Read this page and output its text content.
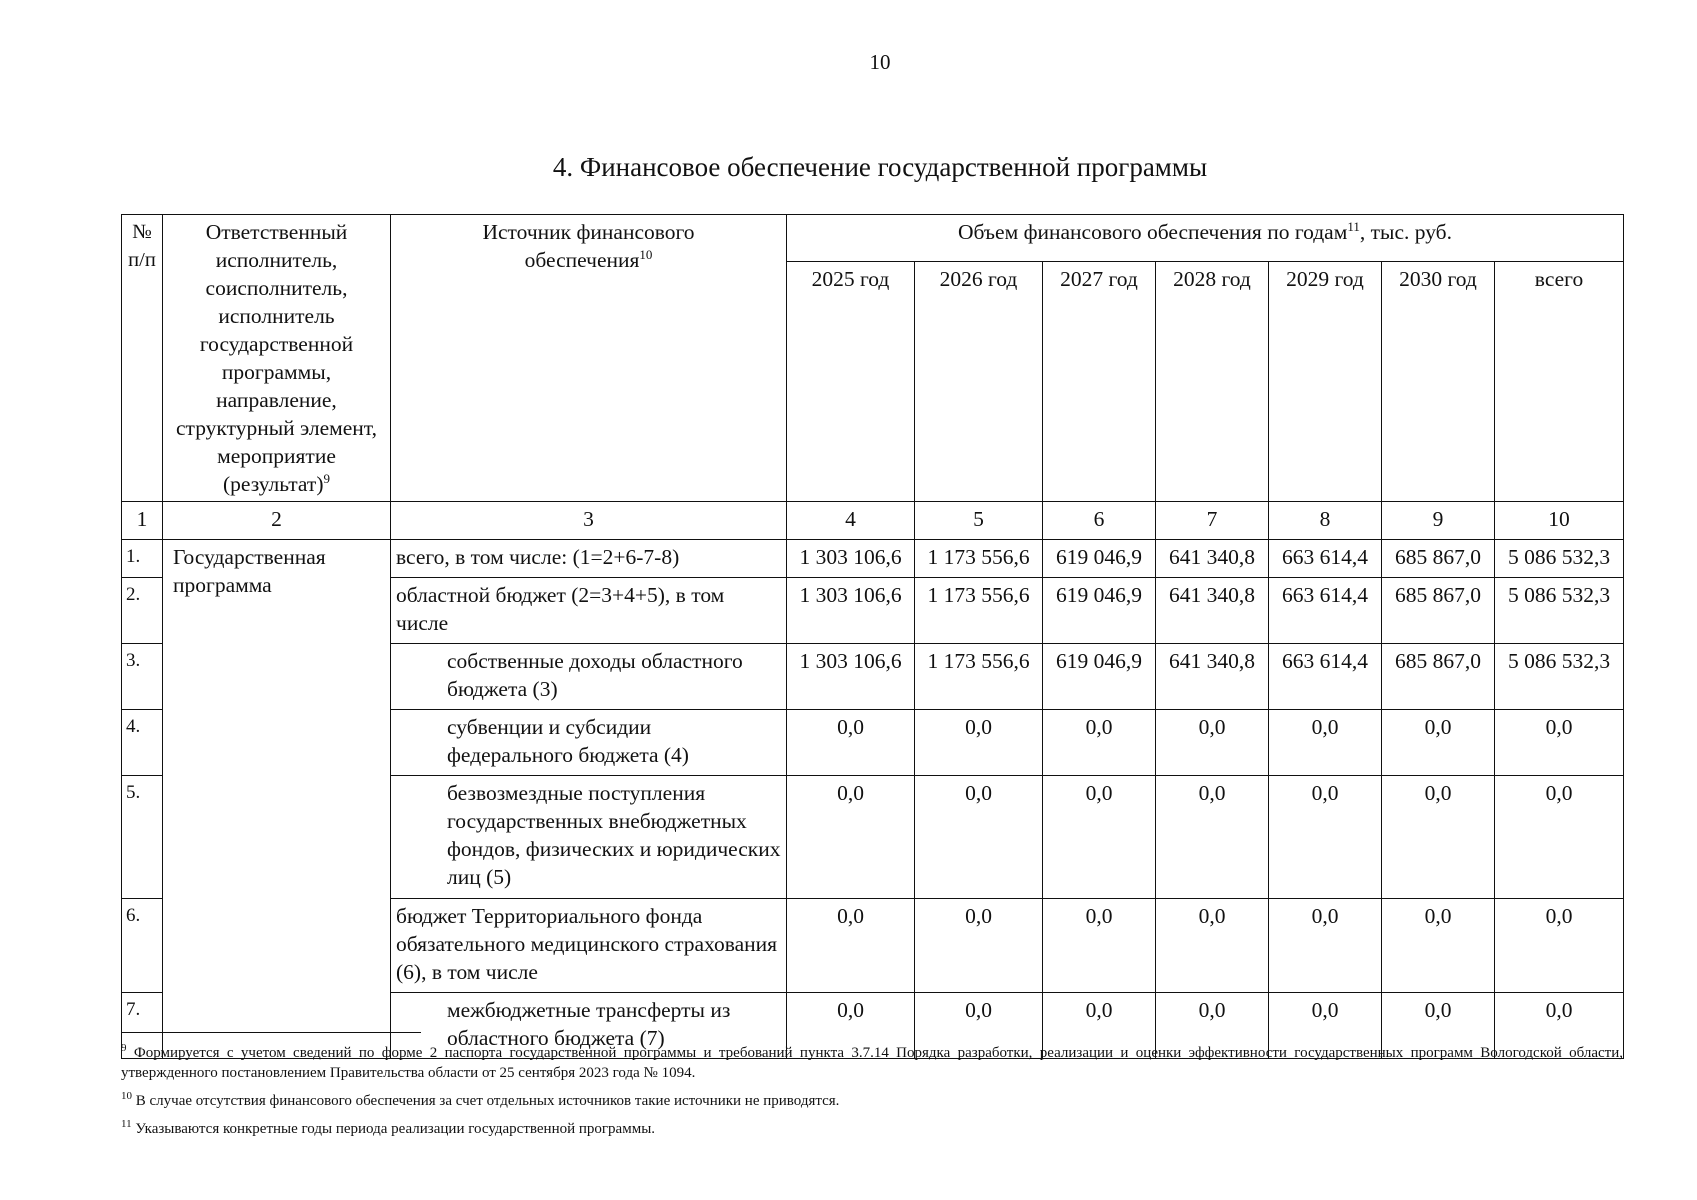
10
4. Финансовое обеспечение государственной программы
№ п/п	Ответственный исполнитель, соисполнитель, исполнитель государственной программы, направление, структурный элемент, мероприятие (результат)$^9$	Источник финансового обеспечения$^{10}$	Объем финансового обеспечения по годам$^{11}$, тыс. руб.						
			2025 год	2026 год	2027 год	2028 год	2029 год	2030 год	всего
1	2	3	4	5	6	7	8	9	10
1.	Государственная программа	всего, в том числе: (1=2+6-7-8)	1 303 106,6	1 173 556,6	619 046,9	641 340,8	663 614,4	685 867,0	5 086 532,3
2.		областной бюджет (2=3+4+5), в том числе	1 303 106,6	1 173 556,6	619 046,9	641 340,8	663 614,4	685 867,0	5 086 532,3
3.		собственные доходы областного бюджета (3)	1 303 106,6	1 173 556,6	619 046,9	641 340,8	663 614,4	685 867,0	5 086 532,3
4.		субвенции и субсидии федерального бюджета (4)	0,0	0,0	0,0	0,0	0,0	0,0	0,0
5.		безвозмездные поступления государственных внебюджетных фондов, физических и юридических лиц (5)	0,0	0,0	0,0	0,0	0,0	0,0	0,0
6.		бюджет Территориального фонда обязательного медицинского страхования (6), в том числе	0,0	0,0	0,0	0,0	0,0	0,0	0,0
7.		межбюджетные трансферты из областного бюджета (7)	0,0	0,0	0,0	0,0	0,0	0,0	0,0

$^9$ Формируется с учетом сведений по форме 2 паспорта государственной программы и требований пункта 3.7.14 Порядка разработки, реализации и оценки эффективности государственных программ Вологодской области, утвержденного постановлением Правительства области от 25 сентября 2023 года № 1094.

$^{10}$ В случае отсутствия финансового обеспечения за счет отдельных источников такие источники не приводятся.

$^{11}$ Указываются конкретные годы периода реализации государственной программы.
